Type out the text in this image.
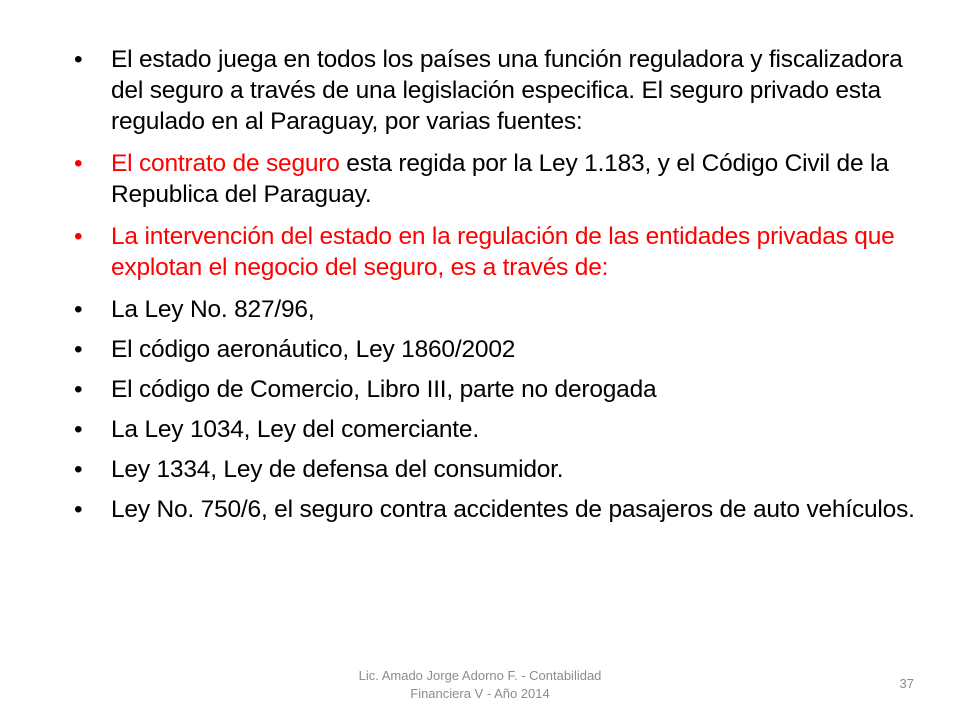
•	El estado juega en todos los países una función reguladora y fiscalizadora del seguro a través de una legislación especifica. El seguro privado esta regulado en al Paraguay, por varias fuentes:
•	El contrato de seguro esta regida por la Ley 1.183, y el Código Civil de la Republica del Paraguay.
•	La intervención del estado en la regulación de las entidades privadas que explotan el negocio del seguro, es a través de:
•	La Ley No. 827/96,
•	El código aeronáutico, Ley 1860/2002
•	El código de Comercio, Libro III, parte no derogada
•	La Ley 1034, Ley del comerciante.
•	Ley 1334, Ley de defensa del consumidor.
•	Ley No. 750/6, el seguro contra accidentes de pasajeros de auto vehículos.
Lic. Amado Jorge Adorno F. - Contabilidad
Financiera V - Año 2014
37
